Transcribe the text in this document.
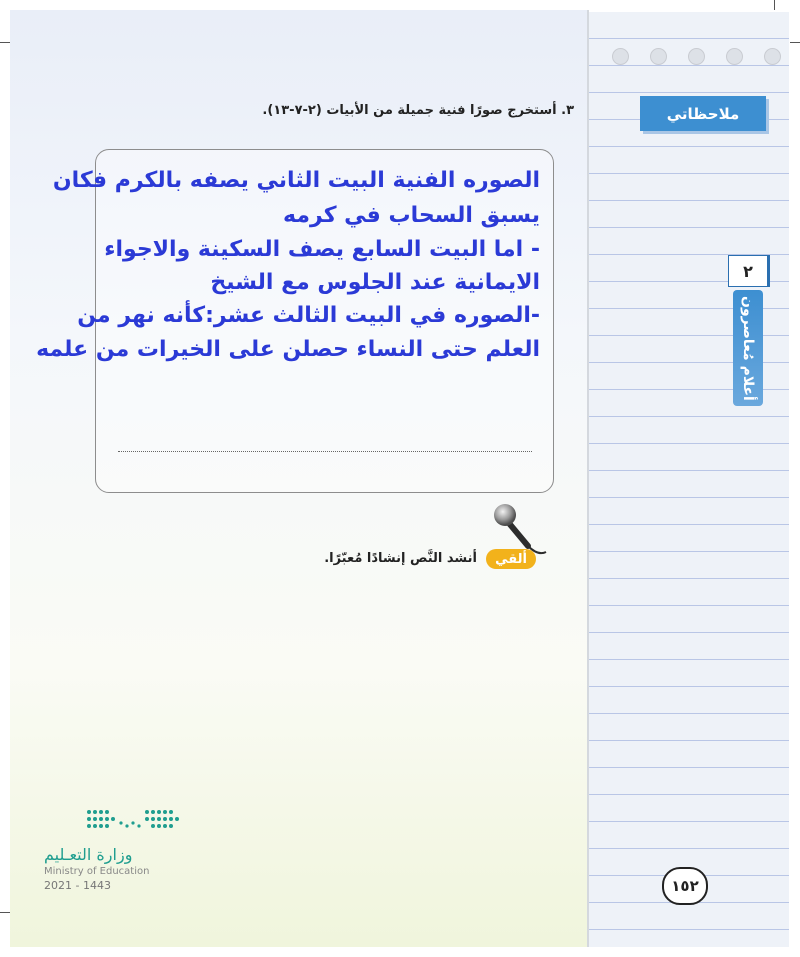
ملاحظاتي
٢
أعلام مُعاصرون
٣. أستخرج صورًا فنية جميلة من الأبيات (٢-٧-١٣).
الصوره الفنية البيت الثاني يصفه بالكرم فكان
يسبق السحاب في كرمه
- اما البيت السابع يصف السكينة والاجواء
الايمانية عند الجلوس مع الشيخ
-الصوره في البيت الثالث عشر:كأنه نهر من
العلم حتى النساء حصلن على الخيرات من علمه
ألقي
أنشد النَّص إنشادًا مُعبّرًا.
وزارة التعـليم
Ministry of Education
2021 - 1443	١٥٢
